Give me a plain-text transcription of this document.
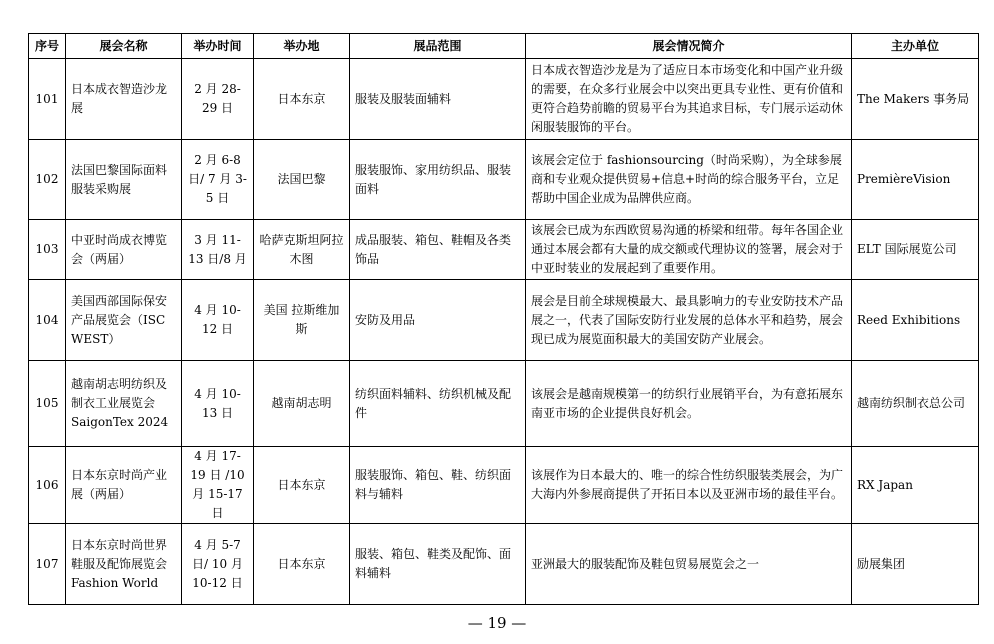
序号	展会名称	举办时间	举办地	展品范围	展会情况简介	主办单位
101	日本成衣智造沙龙展	2 月 28-29 日	日本东京	服装及服装面辅料	日本成衣智造沙龙是为了适应日本市场变化和中国产业升级的需要，在众多行业展会中以突出更具专业性、更有价值和更符合趋势前瞻的贸易平台为其追求目标，专门展示运动休闲服装服饰的平台。	The Makers 事务局
102	法国巴黎国际面料服装采购展	2 月 6-8 日/ 7 月 3-5 日	法国巴黎	服装服饰、家用纺织品、服装面料	该展会定位于 fashionsourcing（时尚采购），为全球参展商和专业观众提供贸易+信息+时尚的综合服务平台，立足帮助中国企业成为品牌供应商。	PremièreVision
103	中亚时尚成衣博览会（两届）	3 月 11-13 日/8 月	哈萨克斯坦阿拉木图	成品服装、箱包、鞋帽及各类饰品	该展会已成为东西欧贸易沟通的桥梁和纽带。每年各国企业通过本展会都有大量的成交额或代理协议的签署，展会对于中亚时装业的发展起到了重要作用。	ELT 国际展览公司
104	美国西部国际保安产品展览会（ISC WEST）	4 月 10-12 日	美国 拉斯维加斯	安防及用品	展会是目前全球规模最大、最具影响力的专业安防技术产品展之一，代表了国际安防行业发展的总体水平和趋势，展会现已成为展览面积最大的美国安防产业展会。	Reed Exhibitions
105	越南胡志明纺织及制衣工业展览会 SaigonTex 2024	4 月 10-13 日	越南胡志明	纺织面料辅料、纺织机械及配件	该展会是越南规模第一的纺织行业展销平台，为有意拓展东南亚市场的企业提供良好机会。	越南纺织制衣总公司
106	日本东京时尚产业展（两届）	4 月 17-19 日 /10 月 15-17 日	日本东京	服装服饰、箱包、鞋、纺织面料与辅料	该展作为日本最大的、唯一的综合性纺织服装类展会，为广大海内外参展商提供了开拓日本以及亚洲市场的最佳平台。	RX Japan
107	日本东京时尚世界鞋服及配饰展览会 Fashion World	4 月 5-7 日/ 10 月 10-12 日	日本东京	服装、箱包、鞋类及配饰、面料辅料	亚洲最大的服装配饰及鞋包贸易展览会之一	励展集团
— 19 —
